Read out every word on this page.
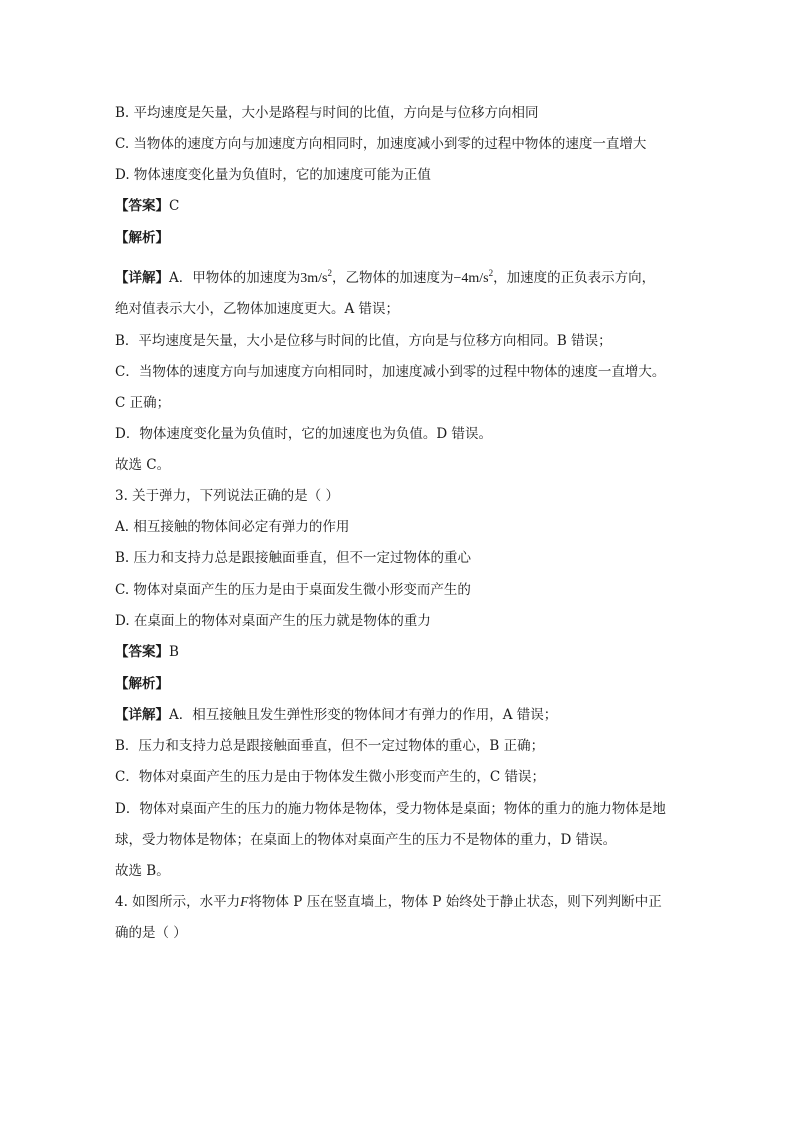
B. 平均速度是矢量，大小是路程与时间的比值，方向是与位移方向相同
C. 当物体的速度方向与加速度方向相同时，加速度减小到零的过程中物体的速度一直增大
D. 物体速度变化量为负值时，它的加速度可能为正值
【答案】C
【解析】
【详解】A．甲物体的加速度为$3m/s^2$，乙物体的加速度为$-4m/s^2$，加速度的正负表示方向，
绝对值表示大小，乙物体加速度更大。A 错误；
B．平均速度是矢量，大小是位移与时间的比值，方向是与位移方向相同。B 错误；
C．当物体的速度方向与加速度方向相同时，加速度减小到零的过程中物体的速度一直增大。
C 正确；
D．物体速度变化量为负值时，它的加速度也为负值。D 错误。
故选 C。
3. 关于弹力，下列说法正确的是（ ）
A. 相互接触的物体间必定有弹力的作用
B. 压力和支持力总是跟接触面垂直，但不一定过物体的重心
C. 物体对桌面产生的压力是由于桌面发生微小形变而产生的
D. 在桌面上的物体对桌面产生的压力就是物体的重力
【答案】B
【解析】
【详解】A．相互接触且发生弹性形变的物体间才有弹力的作用，A 错误；
B．压力和支持力总是跟接触面垂直，但不一定过物体的重心，B 正确；
C．物体对桌面产生的压力是由于物体发生微小形变而产生的，C 错误；
D．物体对桌面产生的压力的施力物体是物体，受力物体是桌面；物体的重力的施力物体是地
球，受力物体是物体；在桌面上的物体对桌面产生的压力不是物体的重力，D 错误。
故选 B。
4. 如图所示，水平力F将物体 P 压在竖直墙上，物体 P 始终处于静止状态，则下列判断中正
确的是（ ）
